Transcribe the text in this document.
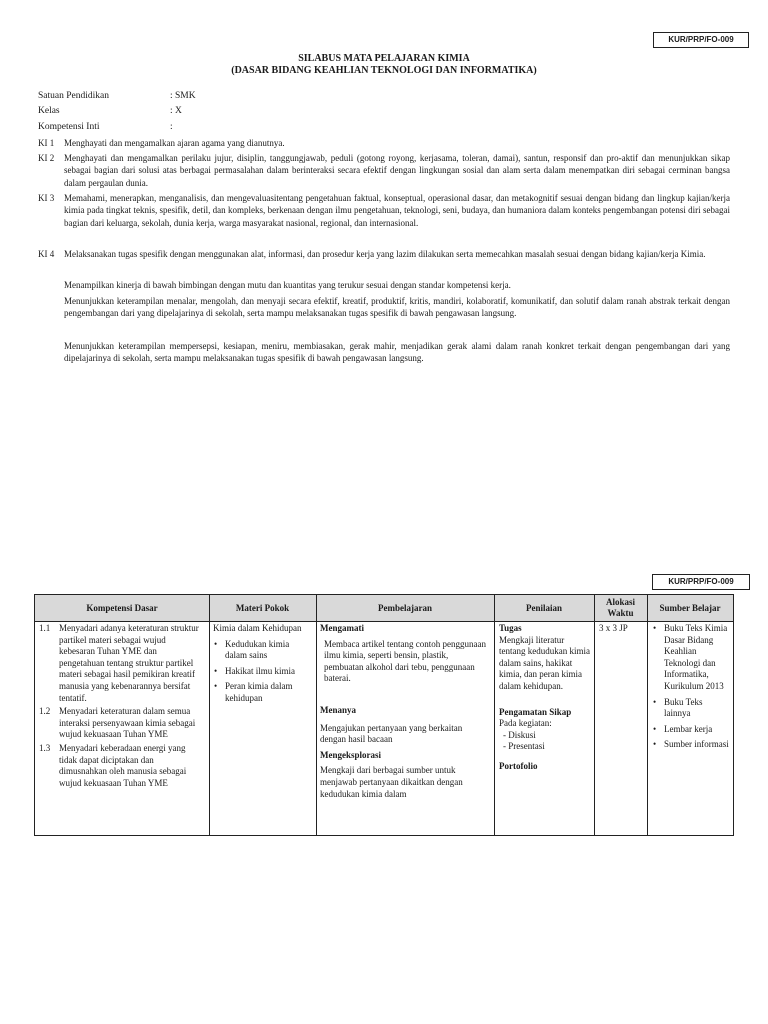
KUR/PRP/FO-009
SILABUS MATA PELAJARAN KIMIA
(DASAR BIDANG KEAHLIAN TEKNOLOGI DAN INFORMATIKA)
Satuan Pendidikan	: SMK
Kelas	: X
Kompetensi Inti	:
KI 1 Menghayati dan mengamalkan ajaran agama yang dianutnya.
KI 2 Menghayati dan mengamalkan perilaku jujur, disiplin, tanggungjawab, peduli (gotong royong, kerjasama, toleran, damai), santun, responsif dan pro-aktif dan menunjukkan sikap sebagai bagian dari solusi atas berbagai permasalahan dalam berinteraksi secara efektif dengan lingkungan sosial dan alam serta dalam menempatkan diri sebagai cerminan bangsa dalam pergaulan dunia.
KI 3 Memahami, menerapkan, menganalisis, dan mengevaluasitentang pengetahuan faktual, konseptual, operasional dasar, dan metakognitif sesuai dengan bidang dan lingkup kajian/kerja kimia pada tingkat teknis, spesifik, detil, dan kompleks, berkenaan dengan ilmu pengetahuan, teknologi, seni, budaya, dan humaniora dalam konteks pengembangan potensi diri sebagai bagian dari keluarga, sekolah, dunia kerja, warga masyarakat nasional, regional, dan internasional.
KI 4 Melaksanakan tugas spesifik dengan menggunakan alat, informasi, dan prosedur kerja yang lazim dilakukan serta memecahkan masalah sesuai dengan bidang kajian/kerja Kimia.
Menampilkan kinerja di bawah bimbingan dengan mutu dan kuantitas yang terukur sesuai dengan standar kompetensi kerja.
Menunjukkan keterampilan menalar, mengolah, dan menyaji secara efektif, kreatif, produktif, kritis, mandiri, kolaboratif, komunikatif, dan solutif dalam ranah abstrak terkait dengan pengembangan dari yang dipelajarinya di sekolah, serta mampu melaksanakan tugas spesifik di bawah pengawasan langsung.
Menunjukkan keterampilan mempersepsi, kesiapan, meniru, membiasakan, gerak mahir, menjadikan gerak alami dalam ranah konkret terkait dengan pengembangan dari yang dipelajarinya di sekolah, serta mampu melaksanakan tugas spesifik di bawah pengawasan langsung.
KUR/PRP/FO-009
Kompetensi Dasar	Materi Pokok	Pembelajaran	Penilaian
Alokasi Waktu
Sumber Belajar
1.1 Menyadari adanya keteraturan struktur partikel materi sebagai wujud kebesaran Tuhan YME dan pengetahuan tentang struktur partikel materi sebagai hasil pemikiran kreatif manusia yang kebenarannya bersifat tentatif.
1.2 Menyadari keteraturan dalam semua interaksi persenyawaan kimia sebagai wujud kekuasaan Tuhan YME
1.3 Menyadari keberadaan energi yang tidak dapat diciptakan dan dimusnahkan oleh manusia sebagai wujud kekuasaan Tuhan YME
Kimia dalam Kehidupan
• Kedudukan kimia dalam sains
• Hakikat ilmu kimia
• Peran kimia dalam kehidupan
Mengamati
Membaca artikel tentang contoh penggunaan ilmu kimia, seperti bensin, plastik, pembuatan alkohol dari tebu, penggunaan baterai.
Menanya
Mengajukan pertanyaan yang berkaitan dengan hasil bacaan
Mengeksplorasi
Mengkaji dari berbagai sumber untuk menjawab pertanyaan dikaitkan dengan kedudukan kimia dalam
Tugas
Mengkaji literatur tentang kedudukan kimia dalam sains, hakikat kimia, dan peran kimia dalam kehidupan.
Pengamatan Sikap
Pada kegiatan:
- Diskusi
- Presentasi
Portofolio
3 x 3 JP
•	Buku Teks Kimia Dasar Bidang Keahlian Teknologi dan Informatika, Kurikulum 2013
• Buku Teks lainnya
• Lembar kerja
• Sumber informasi
